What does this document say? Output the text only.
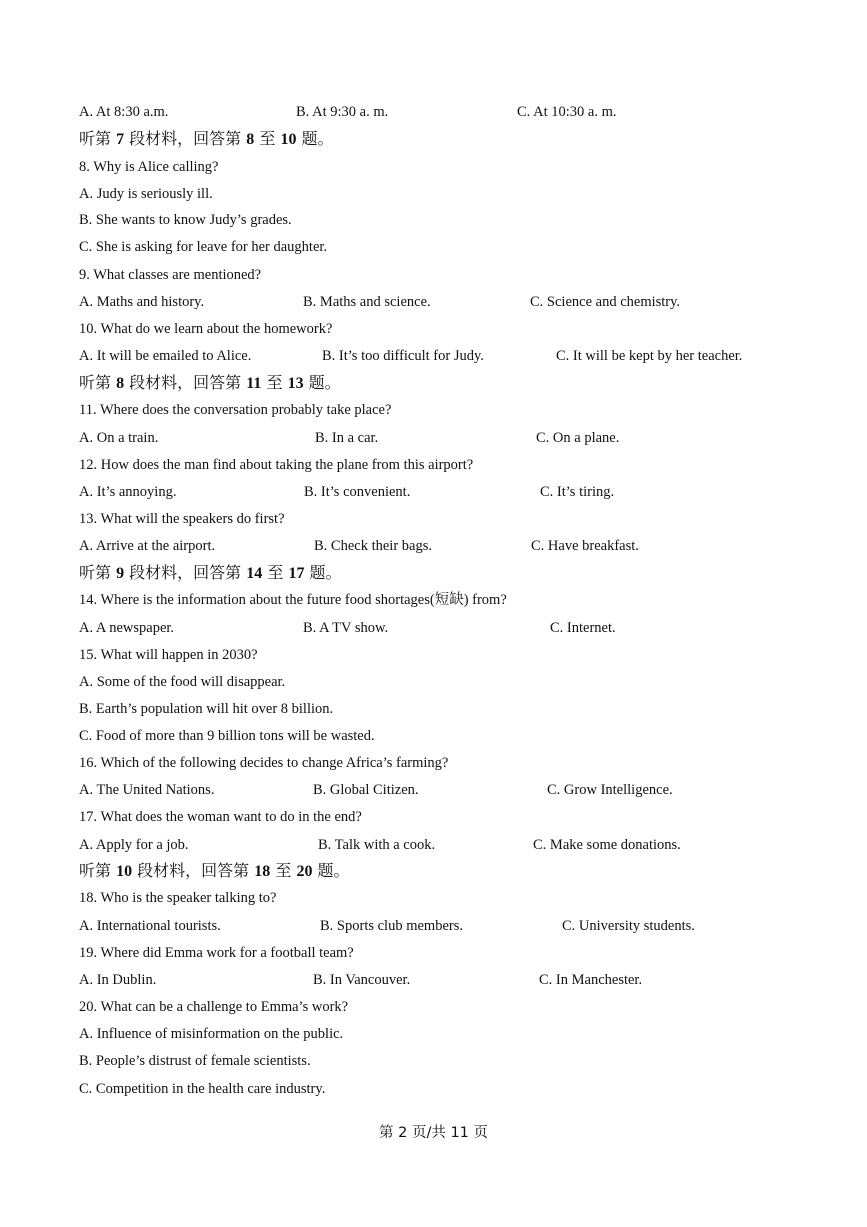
A. At 8:30 a.m.	B. At 9:30 a. m.	C. At 10:30 a. m.
听第 7 段材料，回答第 8 至 10 题。
8. Why is Alice calling?
A. Judy is seriously ill.
B. She wants to know Judy’s grades.
C. She is asking for leave for her daughter.
9. What classes are mentioned?
A. Maths and history.	B. Maths and science.	C. Science and chemistry.
10. What do we learn about the homework?
A. It will be emailed to Alice.	B. It’s too difficult for Judy.	C. It will be kept by her teacher.
听第 8 段材料，回答第 11 至 13 题。
11. Where does the conversation probably take place?
A. On a train.	B. In a car.	C. On a plane.
12. How does the man find about taking the plane from this airport?
A. It’s annoying.	B. It’s convenient.	C. It’s tiring.
13. What will the speakers do first?
A. Arrive at the airport.	B. Check their bags.	C. Have breakfast.
听第 9 段材料，回答第 14 至 17 题。
14. Where is the information about the future food shortages(短缺) from?
A. A newspaper.	B. A TV show.	C. Internet.
15. What will happen in 2030?
A. Some of the food will disappear.
B. Earth’s population will hit over 8 billion.
C. Food of more than 9 billion tons will be wasted.
16. Which of the following decides to change Africa’s farming?
A. The United Nations.	B. Global Citizen.	C. Grow Intelligence.
17. What does the woman want to do in the end?
A. Apply for a job.	B. Talk with a cook.	C. Make some donations.
听第 10 段材料，回答第 18 至 20 题。
18. Who is the speaker talking to?
A. International tourists.	B. Sports club members.	C. University students.
19. Where did Emma work for a football team?
A. In Dublin.	B. In Vancouver.	C. In Manchester.
20. What can be a challenge to Emma’s work?
A. Influence of misinformation on the public.
B. People’s distrust of female scientists.
C. Competition in the health care industry.
第 2 页/共 11 页
